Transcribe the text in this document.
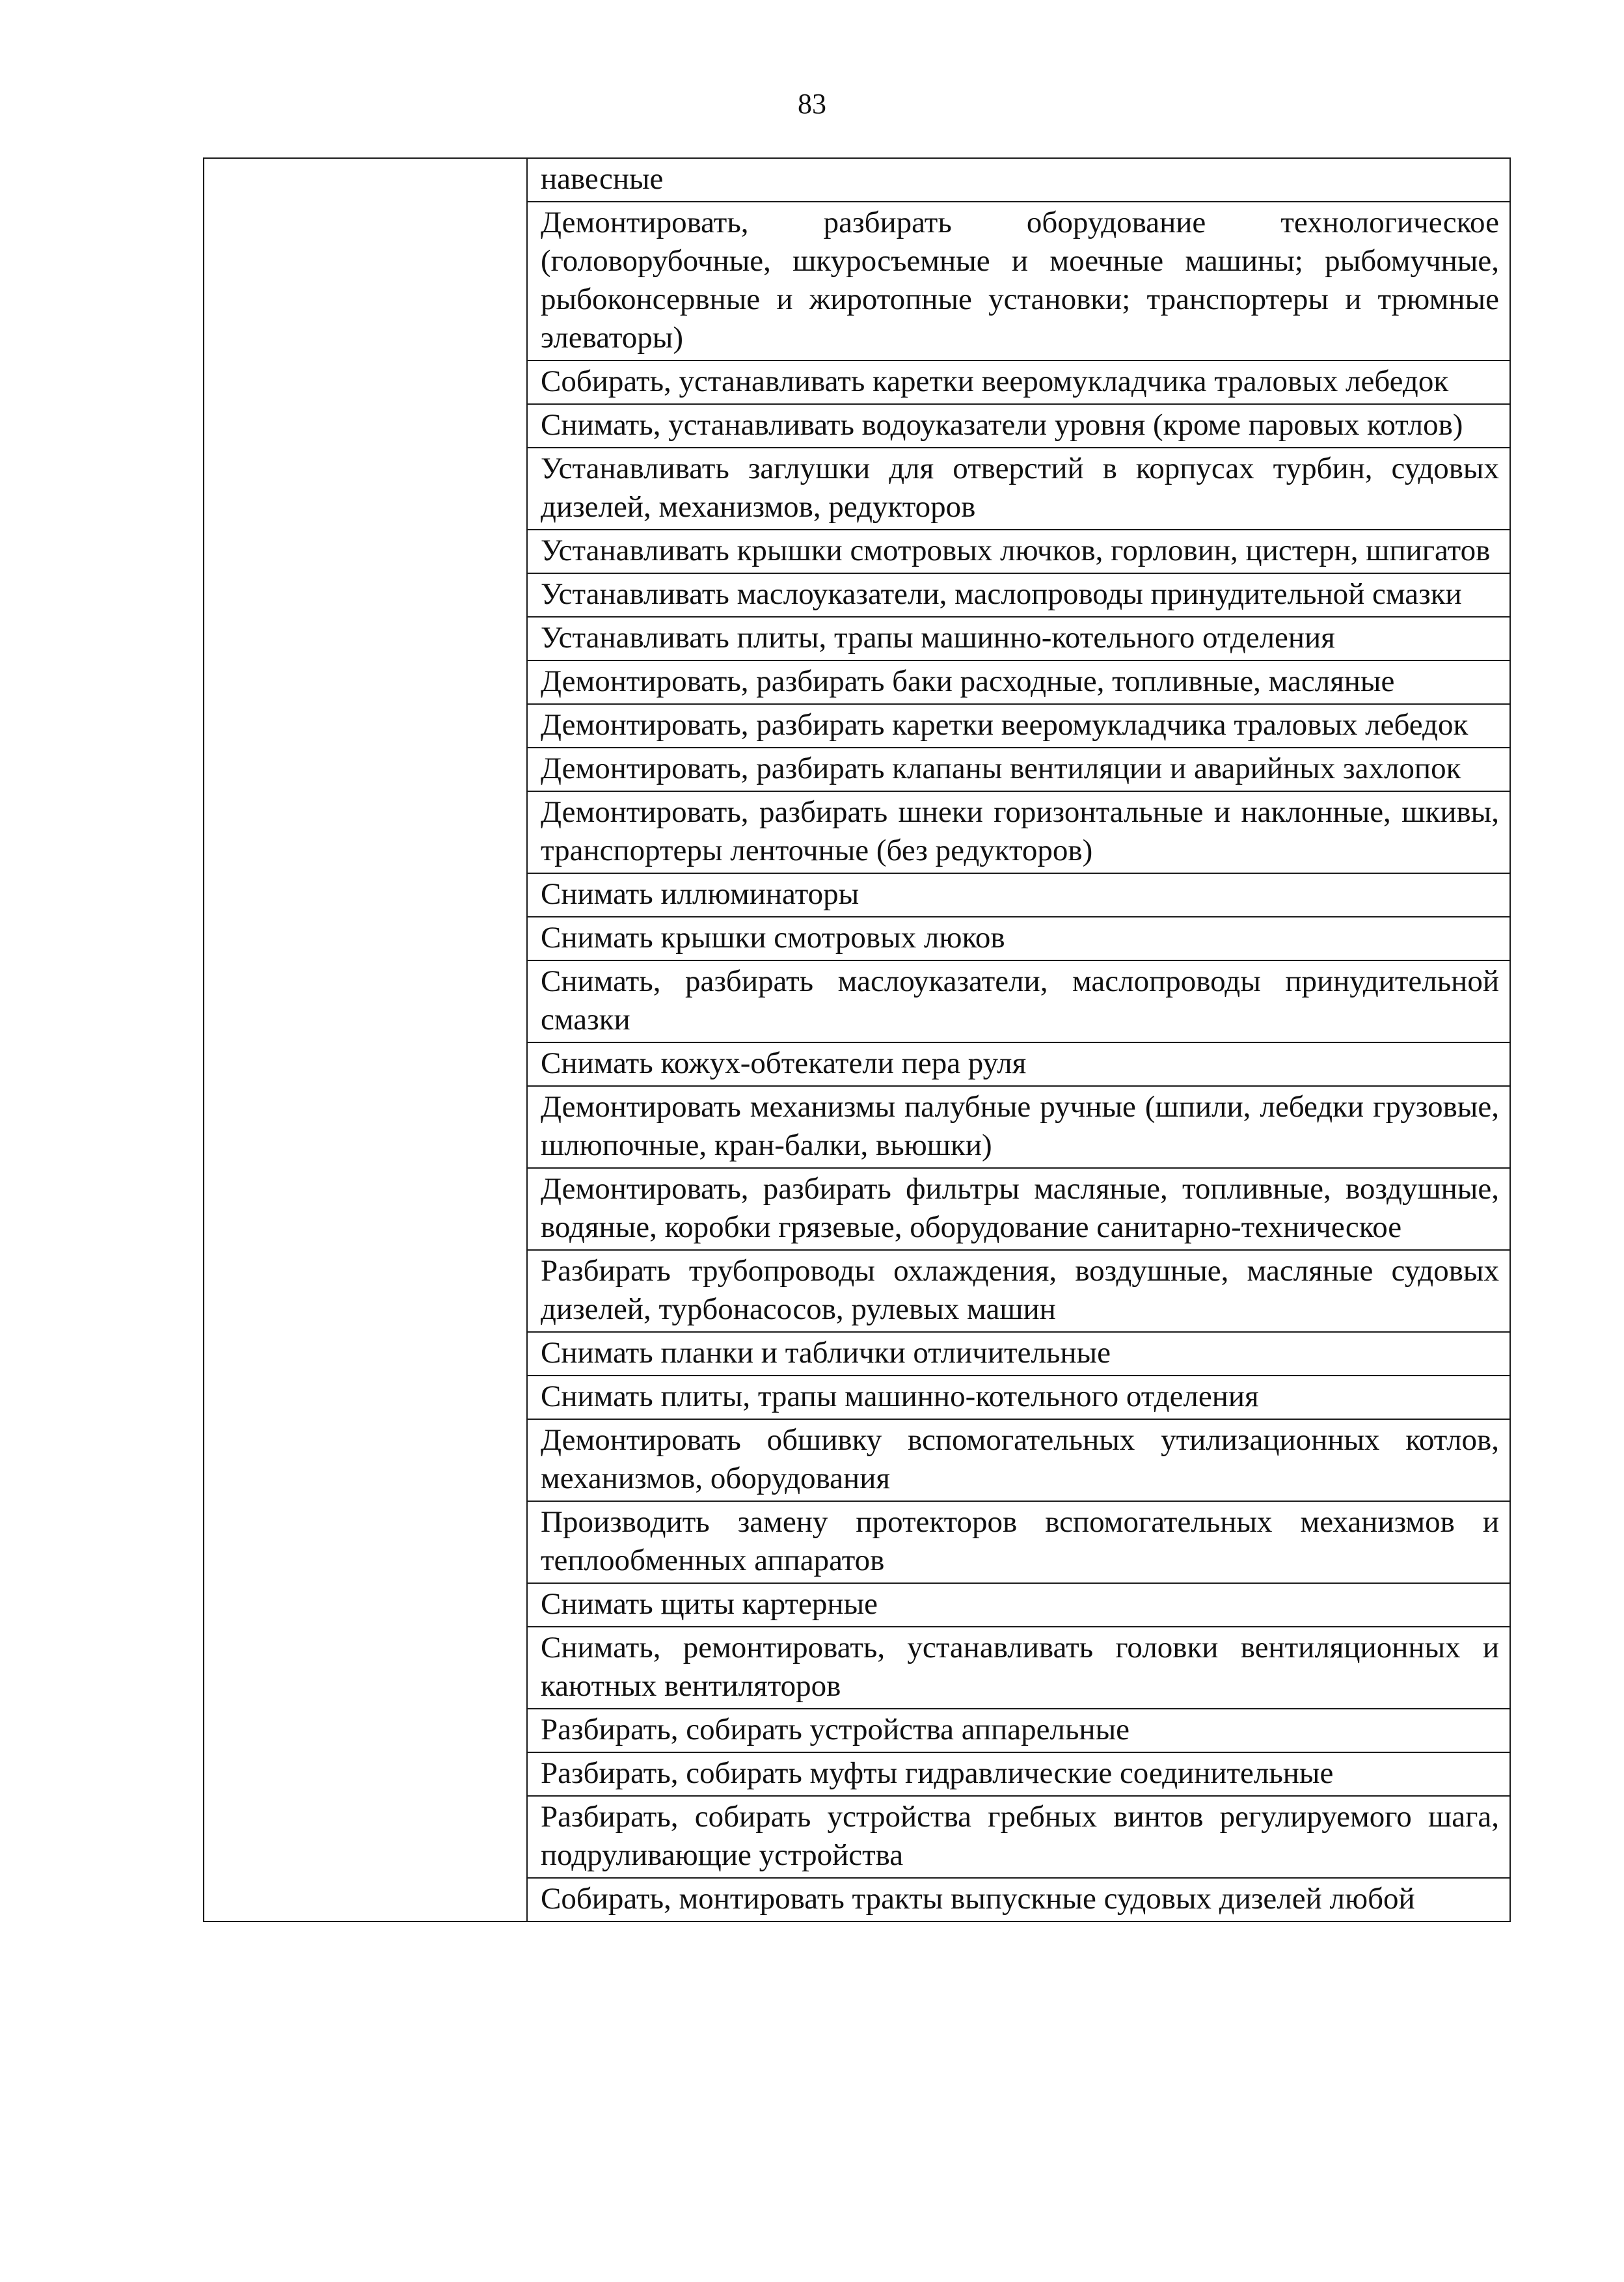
83

навесные
Демонтировать, разбирать оборудование технологическое (головорубочные, шкуросъемные и моечные машины; рыбомучные, рыбоконсервные и жиротопные установки; транспортеры и трюмные элеваторы)
Собирать, устанавливать каретки вееромукладчика траловых лебедок
Снимать, устанавливать водоуказатели уровня (кроме паровых котлов)
Устанавливать заглушки для отверстий в корпусах турбин, судовых дизелей, механизмов, редукторов
Устанавливать крышки смотровых лючков, горловин, цистерн, шпигатов
Устанавливать маслоуказатели, маслопроводы принудительной смазки
Устанавливать плиты, трапы машинно-котельного отделения
Демонтировать, разбирать баки расходные, топливные, масляные
Демонтировать, разбирать каретки вееромукладчика траловых лебедок
Демонтировать, разбирать клапаны вентиляции и аварийных захлопок
Демонтировать, разбирать шнеки горизонтальные и наклонные, шкивы, транспортеры ленточные (без редукторов)
Снимать иллюминаторы
Снимать крышки смотровых люков
Снимать, разбирать маслоуказатели, маслопроводы принудительной смазки
Снимать кожух-обтекатели пера руля
Демонтировать механизмы палубные ручные (шпили, лебедки грузовые, шлюпочные, кран-балки, вьюшки)
Демонтировать, разбирать фильтры масляные, топливные, воздушные, водяные, коробки грязевые, оборудование санитарно-техническое
Разбирать трубопроводы охлаждения, воздушные, масляные судовых дизелей, турбонасосов, рулевых машин
Снимать планки и таблички отличительные
Снимать плиты, трапы машинно-котельного отделения
Демонтировать обшивку вспомогательных утилизационных котлов, механизмов, оборудования
Производить замену протекторов вспомогательных механизмов и теплообменных аппаратов
Снимать щиты картерные
Снимать, ремонтировать, устанавливать головки вентиляционных и каютных вентиляторов
Разбирать, собирать устройства аппарельные
Разбирать, собирать муфты гидравлические соединительные
Разбирать, собирать устройства гребных винтов регулируемого шага, подруливающие устройства
Собирать, монтировать тракты выпускные судовых дизелей любой
